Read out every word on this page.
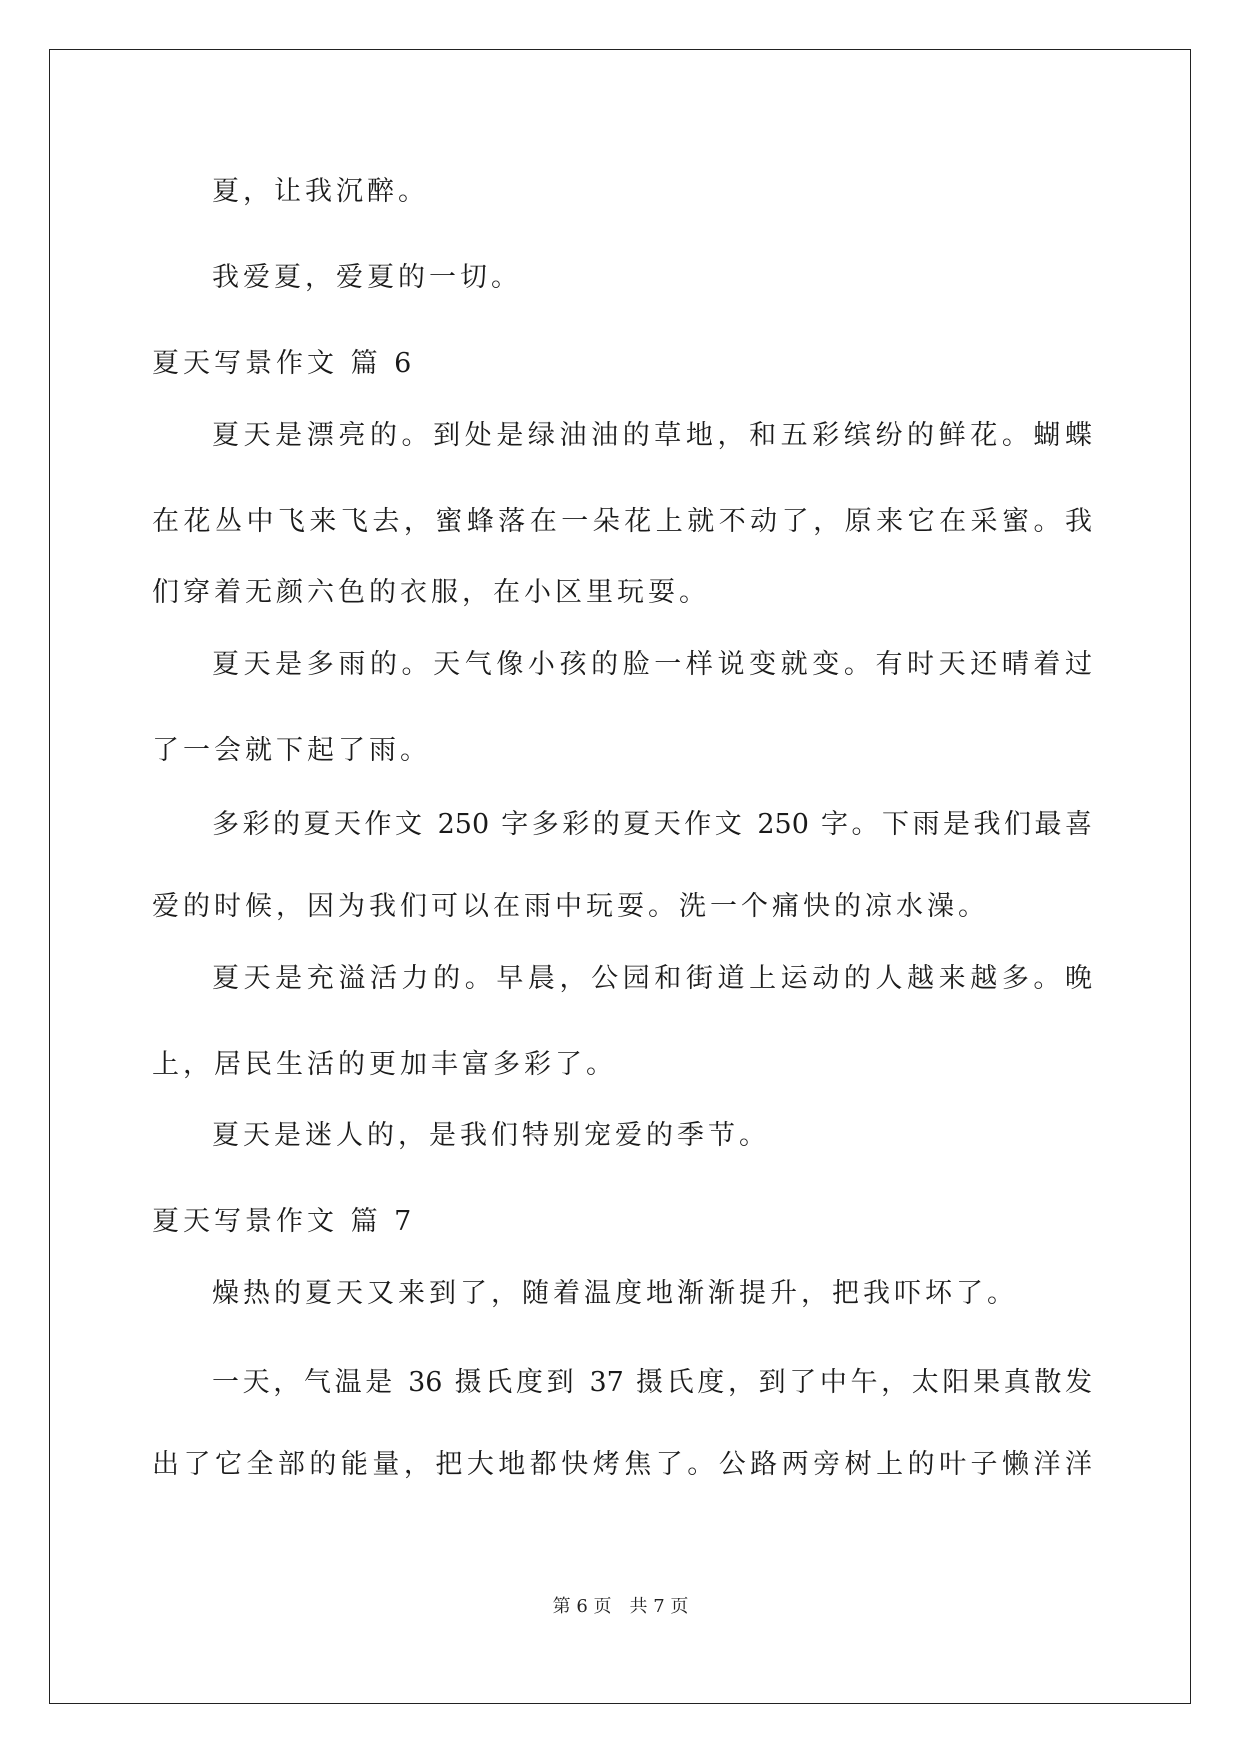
夏，让我沉醉。
我爱夏，爱夏的一切。
夏天写景作文 篇 6
夏天是漂亮的。到处是绿油油的草地，和五彩缤纷的鲜花。蝴蝶
在花丛中飞来飞去，蜜蜂落在一朵花上就不动了，原来它在采蜜。我
们穿着无颜六色的衣服，在小区里玩耍。
夏天是多雨的。天气像小孩的脸一样说变就变。有时天还晴着过
了一会就下起了雨。
多彩的夏天作文 250 字多彩的夏天作文 250 字。下雨是我们最喜
爱的时候，因为我们可以在雨中玩耍。洗一个痛快的凉水澡。
夏天是充溢活力的。早晨，公园和街道上运动的人越来越多。晚
上，居民生活的更加丰富多彩了。
夏天是迷人的，是我们特别宠爱的季节。
夏天写景作文 篇 7
燥热的夏天又来到了，随着温度地渐渐提升，把我吓坏了。
一天，气温是 36 摄氏度到 37 摄氏度，到了中午，太阳果真散发
出了它全部的能量，把大地都快烤焦了。公路两旁树上的叶子懒洋洋
第 6 页　共 7 页
